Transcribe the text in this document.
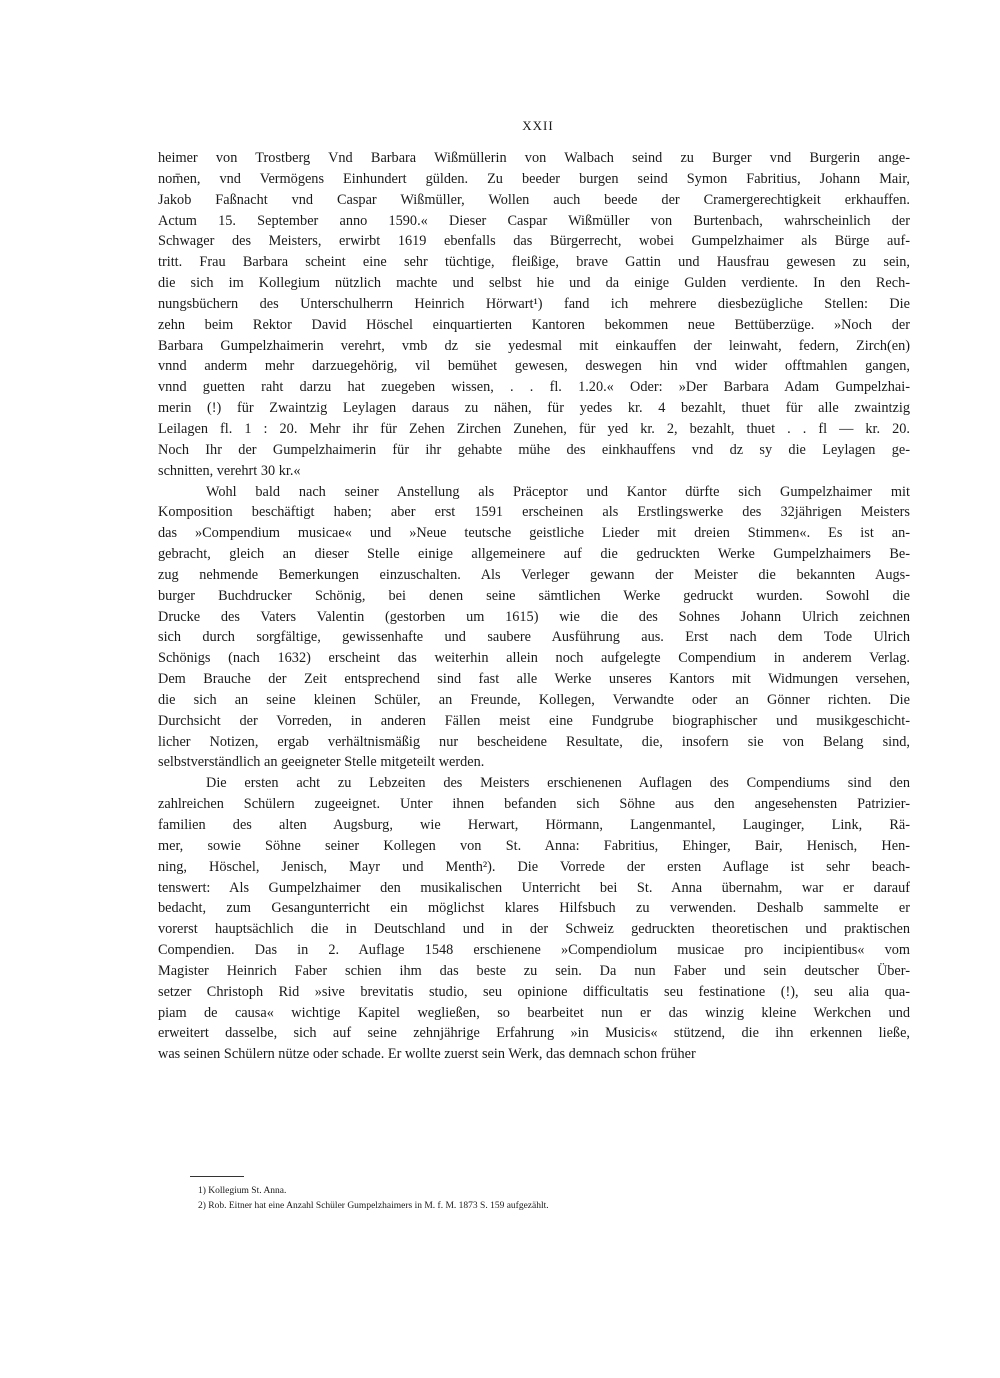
XXII
heimer von Trostberg Vnd Barbara Wißmüllerin von Walbach seind zu Burger vnd Burgerin ange-
nom̄en, vnd Vermögens Einhundert gülden. Zu beeder burgen seind Symon Fabritius, Johann Mair,
Jakob Faßnacht vnd Caspar Wißmüller, Wollen auch beede der Cramergerechtigkeit erkhauffen.
Actum 15. September anno 1590.« Dieser Caspar Wißmüller von Burtenbach, wahrscheinlich der
Schwager des Meisters, erwirbt 1619 ebenfalls das Bürgerrecht, wobei Gumpelzhaimer als Bürge auf-
tritt. Frau Barbara scheint eine sehr tüchtige, fleißige, brave Gattin und Hausfrau gewesen zu sein,
die sich im Kollegium nützlich machte und selbst hie und da einige Gulden verdiente. In den Rech-
nungsbüchern des Unterschulherrn Heinrich Hörwart¹) fand ich mehrere diesbezügliche Stellen: Die
zehn beim Rektor David Höschel einquartierten Kantoren bekommen neue Bettüberzüge. »Noch der
Barbara Gumpelzhaimerin verehrt, vmb dz sie yedesmal mit einkauffen der leinwaht, federn, Zirch(en)
vnnd anderm mehr darzuegehörig, vil bemühet gewesen, deswegen hin vnd wider offtmahlen gangen,
vnnd guetten raht darzu hat zuegeben wissen, . . fl. 1.20.« Oder: »Der Barbara Adam Gumpelzhai-
merin (!) für Zwaintzig Leylagen daraus zu nähen, für yedes kr. 4 bezahlt, thuet für alle zwaintzig
Leilagen fl. 1 : 20. Mehr ihr für Zehen Zirchen Zunehen, für yed kr. 2, bezahlt, thuet . . fl — kr. 20.
Noch Ihr der Gumpelzhaimerin für ihr gehabte mühe des einkhauffens vnd dz sy die Leylagen ge-
schnitten, verehrt 30 kr.«
Wohl bald nach seiner Anstellung als Präceptor und Kantor dürfte sich Gumpelzhaimer mit
Komposition beschäftigt haben; aber erst 1591 erscheinen als Erstlingswerke des 32jährigen Meisters
das »Compendium musicae« und »Neue teutsche geistliche Lieder mit dreien Stimmen«. Es ist an-
gebracht, gleich an dieser Stelle einige allgemeinere auf die gedruckten Werke Gumpelzhaimers Be-
zug nehmende Bemerkungen einzuschalten. Als Verleger gewann der Meister die bekannten Augs-
burger Buchdrucker Schönig, bei denen seine sämtlichen Werke gedruckt wurden. Sowohl die
Drucke des Vaters Valentin (gestorben um 1615) wie die des Sohnes Johann Ulrich zeichnen
sich durch sorgfältige, gewissenhafte und saubere Ausführung aus. Erst nach dem Tode Ulrich
Schönigs (nach 1632) erscheint das weiterhin allein noch aufgelegte Compendium in anderem Verlag.
Dem Brauche der Zeit entsprechend sind fast alle Werke unseres Kantors mit Widmungen versehen,
die sich an seine kleinen Schüler, an Freunde, Kollegen, Verwandte oder an Gönner richten. Die
Durchsicht der Vorreden, in anderen Fällen meist eine Fundgrube biographischer und musikgeschicht-
licher Notizen, ergab verhältnismäßig nur bescheidene Resultate, die, insofern sie von Belang sind,
selbstverständlich an geeigneter Stelle mitgeteilt werden.
Die ersten acht zu Lebzeiten des Meisters erschienenen Auflagen des Compendiums sind den
zahlreichen Schülern zugeeignet. Unter ihnen befanden sich Söhne aus den angesehensten Patrizier-
familien des alten Augsburg, wie Herwart, Hörmann, Langenmantel, Lauginger, Link, Rä-
mer, sowie Söhne seiner Kollegen von St. Anna: Fabritius, Ehinger, Bair, Henisch, Hen-
ning, Höschel, Jenisch, Mayr und Menth²). Die Vorrede der ersten Auflage ist sehr beach-
tenswert: Als Gumpelzhaimer den musikalischen Unterricht bei St. Anna übernahm, war er darauf
bedacht, zum Gesangunterricht ein möglichst klares Hilfsbuch zu verwenden. Deshalb sammelte er
vorerst hauptsächlich die in Deutschland und in der Schweiz gedruckten theoretischen und praktischen
Compendien. Das in 2. Auflage 1548 erschienene »Compendiolum musicae pro incipientibus« vom
Magister Heinrich Faber schien ihm das beste zu sein. Da nun Faber und sein deutscher Über-
setzer Christoph Rid »sive brevitatis studio, seu opinione difficultatis seu festinatione (!), seu alia qua-
piam de causa« wichtige Kapitel wegließen, so bearbeitet nun er das winzig kleine Werkchen und
erweitert dasselbe, sich auf seine zehnjährige Erfahrung »in Musicis« stützend, die ihn erkennen ließe,
was seinen Schülern nütze oder schade. Er wollte zuerst sein Werk, das demnach schon früher
1) Kollegium St. Anna.
2) Rob. Eitner hat eine Anzahl Schüler Gumpelzhaimers in M. f. M. 1873 S. 159 aufgezählt.
